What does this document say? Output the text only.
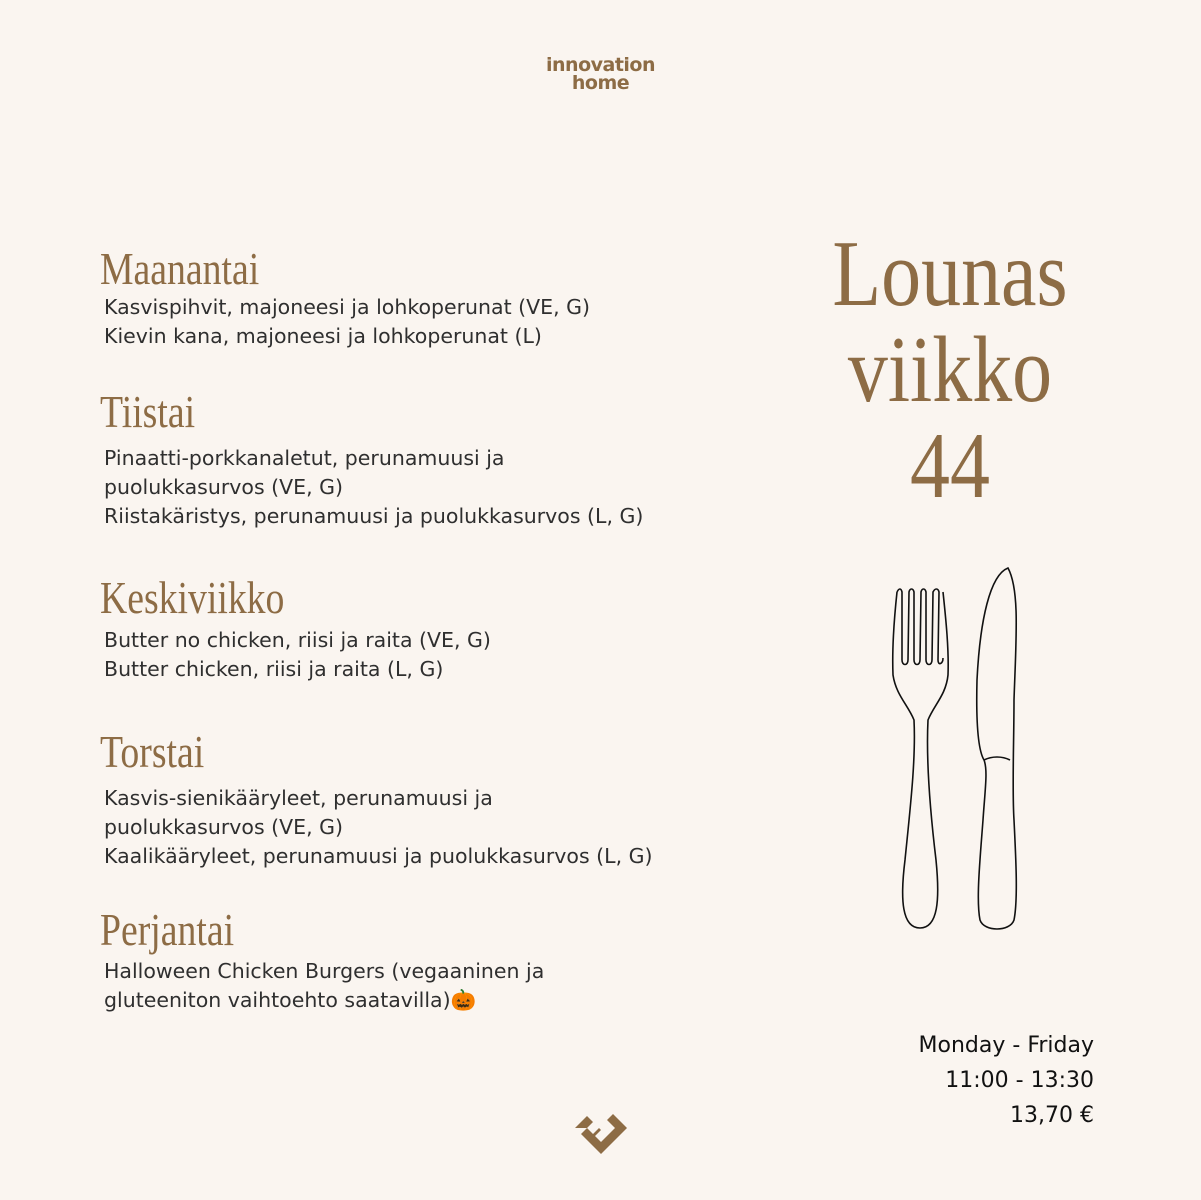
innovation
home
Lounas
viikko 44
Maanantai
Kasvispihvit, majoneesi ja lohkoperunat (VE, G)
Kievin kana, majoneesi ja lohkoperunat (L)
Tiistai
Pinaatti-porkkanaletut, perunamuusi ja
puolukkasurvos (VE, G)
Riistakäristys, perunamuusi ja puolukkasurvos (L, G)
Keskiviikko
Butter no chicken, riisi ja raita (VE, G)
Butter chicken, riisi ja raita (L, G)
Torstai
Kasvis-sienikääryleet, perunamuusi ja
puolukkasurvos (VE, G)
Kaalikääryleet, perunamuusi ja puolukkasurvos (L, G)
Perjantai
Halloween Chicken Burgers (vegaaninen ja
gluteeniton vaihtoehto saatavilla)🎃
Monday - Friday
11:00 - 13:30
13,70 €
